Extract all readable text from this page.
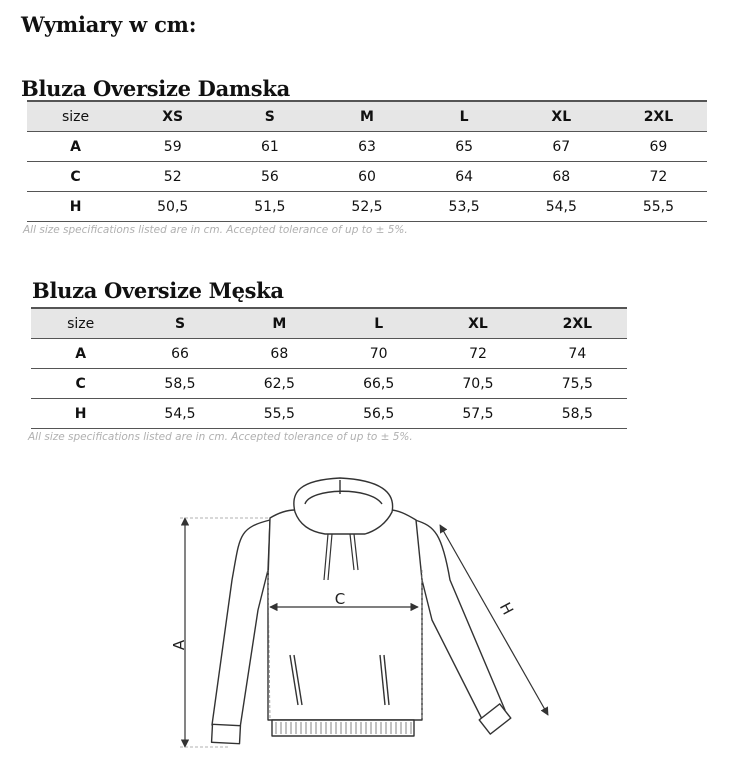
Wymiary w cm:
Bluza Oversize Damska
size	XS	S	M	L	XL	2XL
A	59	61	63	65	67	69
C	52	56	60	64	68	72
H	50,5	51,5	52,5	53,5	54,5	55,5
All size specifications listed are in cm. Accepted tolerance of up to ± 5%.
Bluza Oversize Męska
size	S	M	L	XL	2XL
A	66	68	70	72	74
C	58,5	62,5	66,5	70,5	75,5
H	54,5	55,5	56,5	57,5	58,5
All size specifications listed are in cm. Accepted tolerance of up to ± 5%.
A
C
H
